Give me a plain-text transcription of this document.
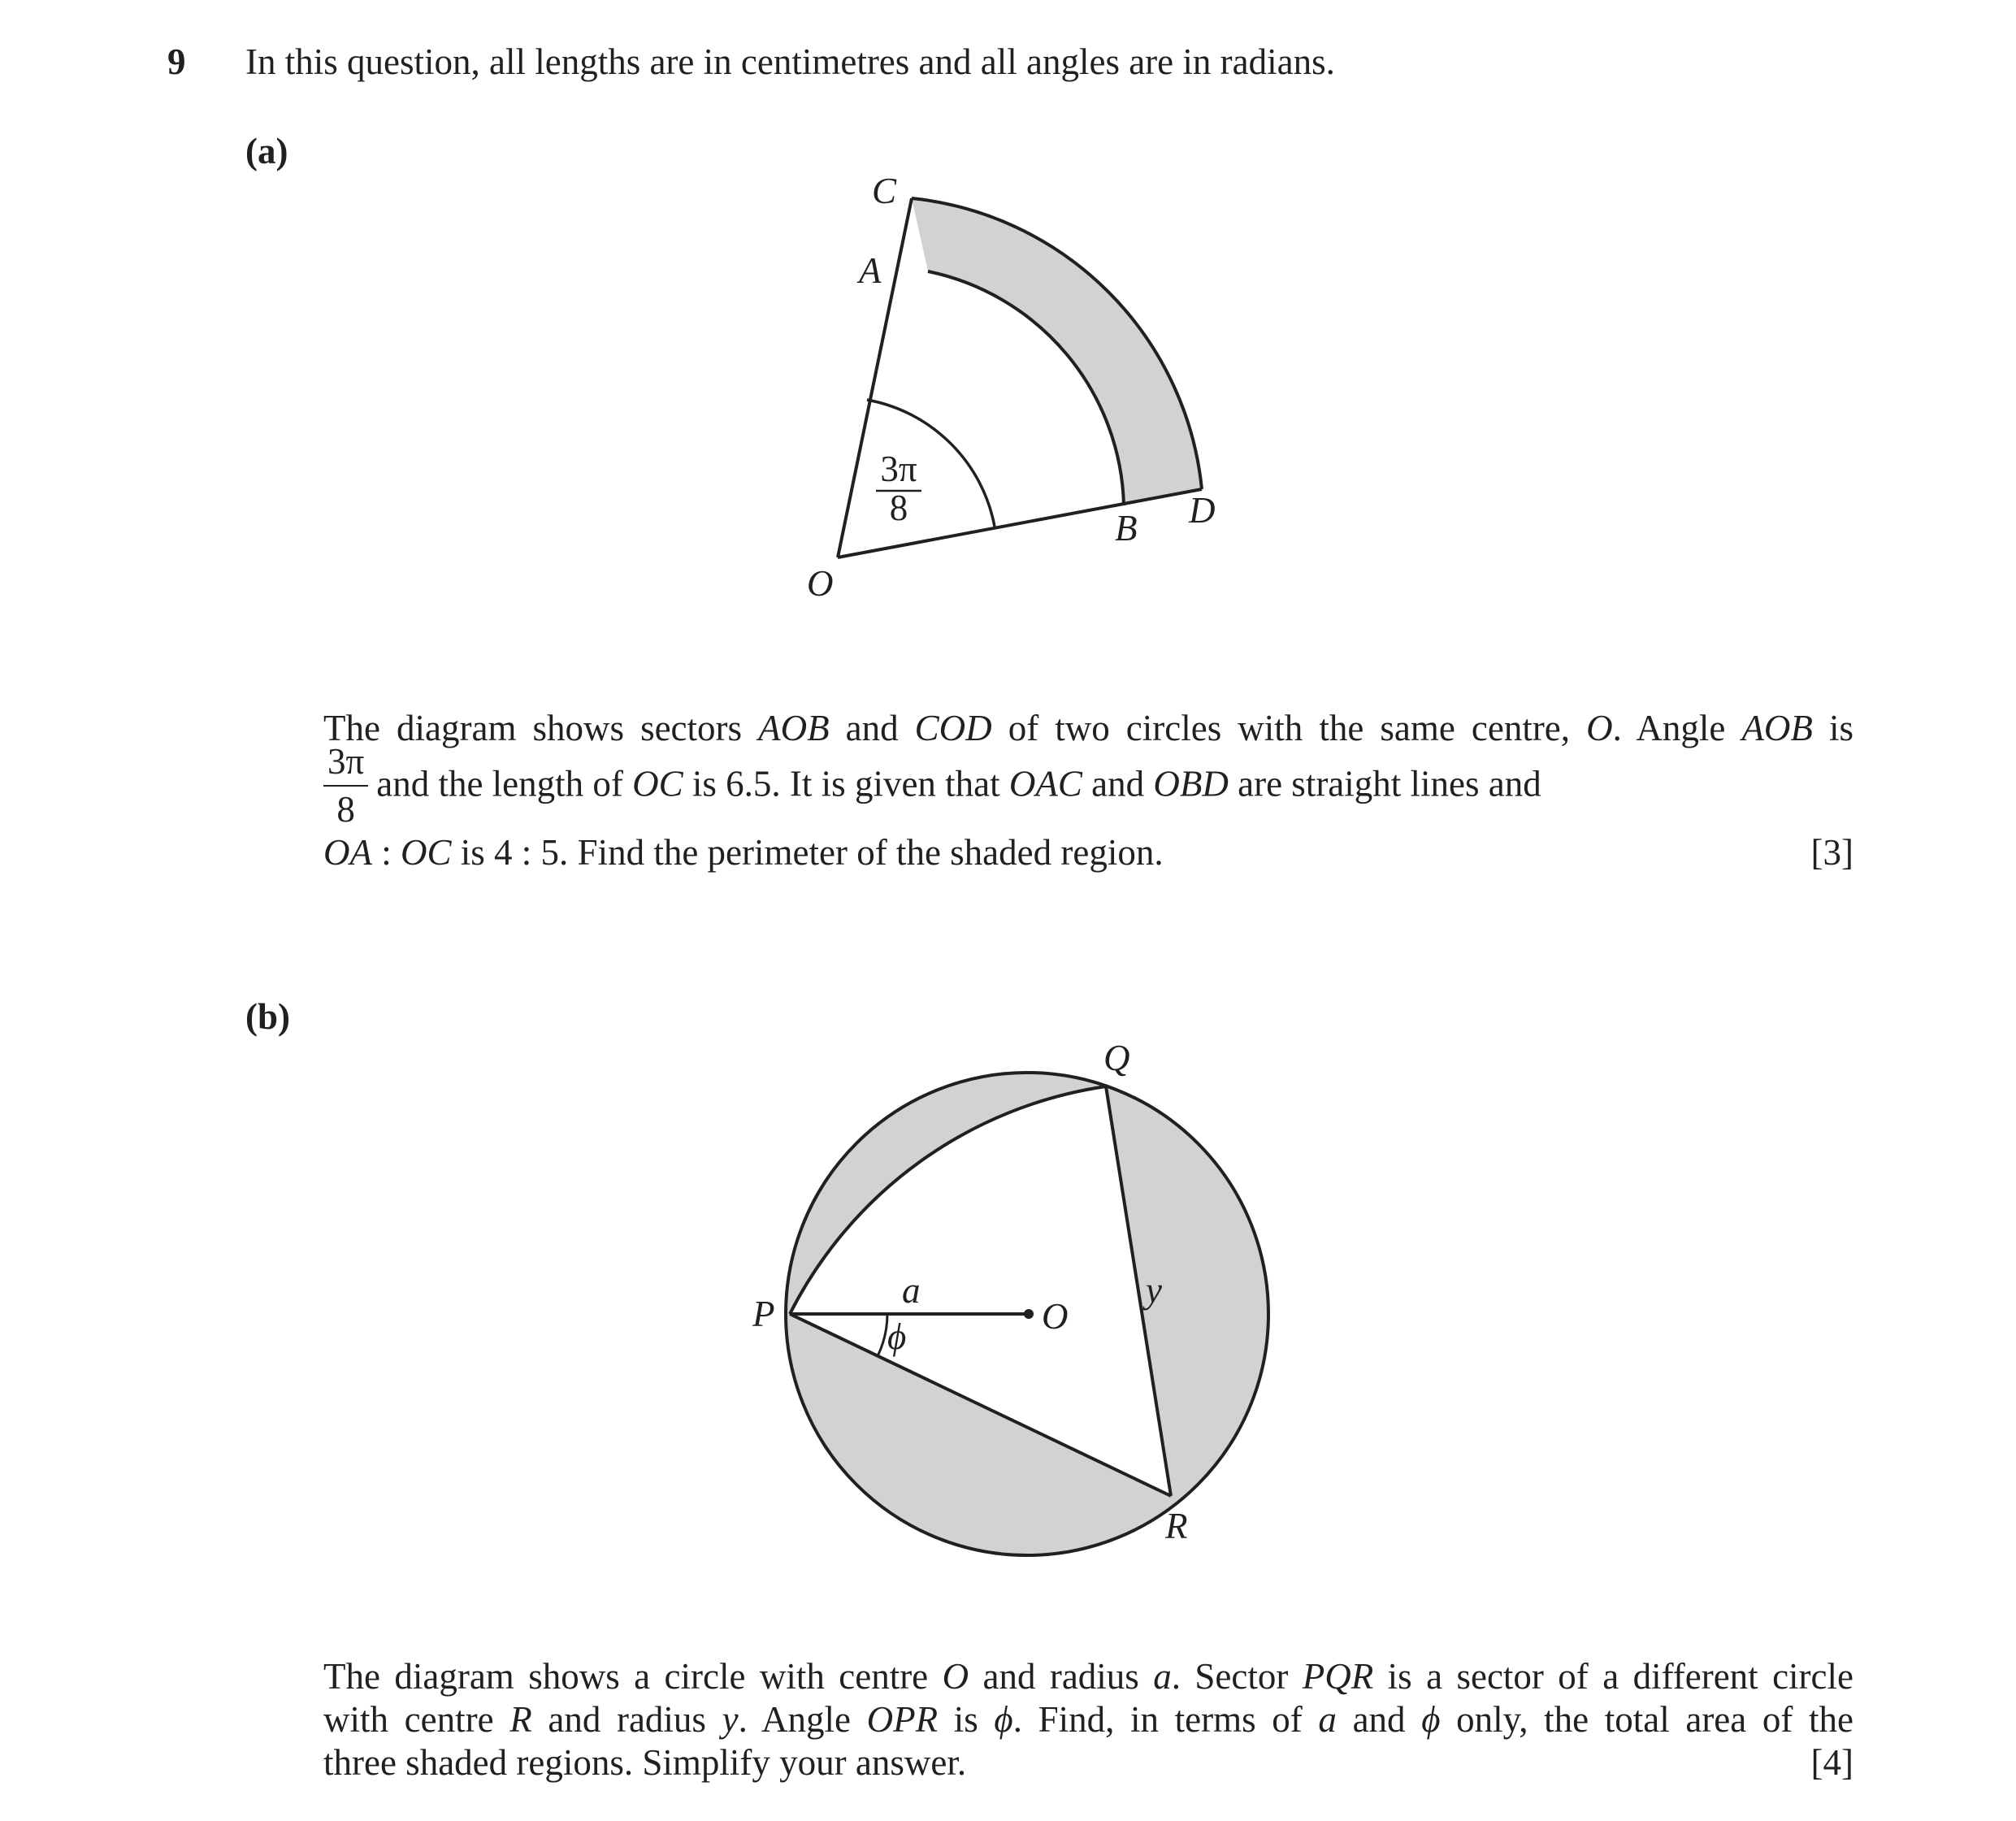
9 In this question, all lengths are in centimetres and all angles are in radians.
(a)
C
A
O
B D
3π
8

The diagram shows sectors AOB and COD of two circles with the same centre, O. Angle AOB is

$\frac{3\pi}{8}$ and the length of OC is 6.5. It is given that OAC and OBD are straight lines and

OA : OC is 4 : 5. Find the perimeter of the shaded region.	[3]
(b)
Q
P	O
R
a	y
ϕ

The diagram shows a circle with centre O and radius a. Sector PQR is a sector of a different circle

with centre R and radius y. Angle OPR is ϕ. Find, in terms of a and ϕ only, the total area of the

three shaded regions. Simplify your answer.	[4]
